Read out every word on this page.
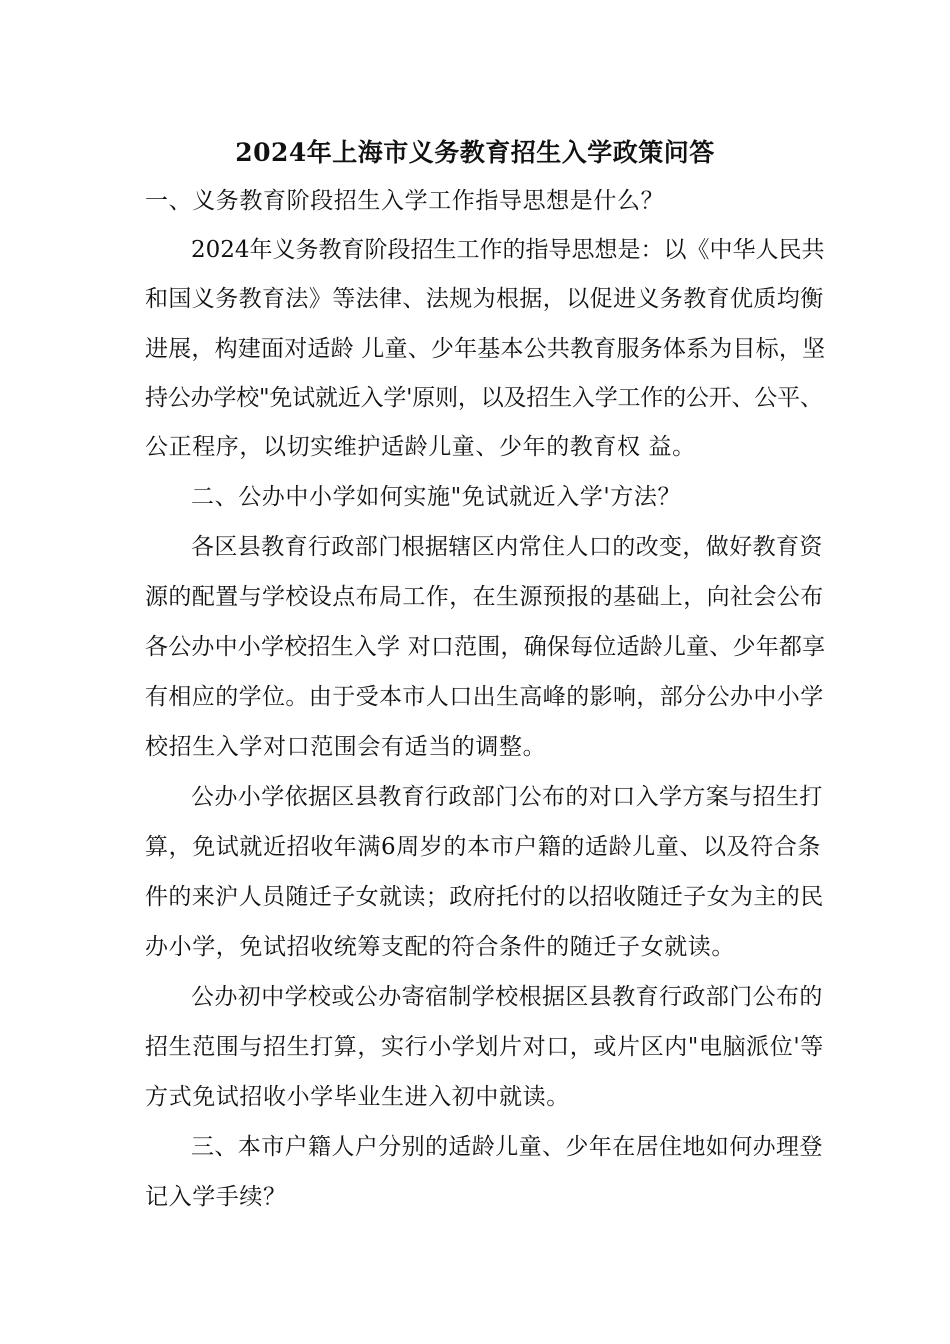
2024年上海市义务教育招生入学政策问答
一、义务教育阶段招生入学工作指导思想是什么？
2024年义务教育阶段招生工作的指导思想是：以《中华人民共
和国义务教育法》等法律、法规为根据，以促进义务教育优质均衡
进展，构建面对适龄 儿童、少年基本公共教育服务体系为目标，坚
持公办学校"免试就近入学'原则，以及招生入学工作的公开、公平、
公正程序，以切实维护适龄儿童、少年的教育权 益。
二、公办中小学如何实施"免试就近入学'方法？
各区县教育行政部门根据辖区内常住人口的改变，做好教育资
源的配置与学校设点布局工作，在生源预报的基础上，向社会公布
各公办中小学校招生入学 对口范围，确保每位适龄儿童、少年都享
有相应的学位。由于受本市人口出生高峰的影响，部分公办中小学
校招生入学对口范围会有适当的调整。
公办小学依据区县教育行政部门公布的对口入学方案与招生打
算，免试就近招收年满6周岁的本市户籍的适龄儿童、以及符合条
件的来沪人员随迁子女就读；政府托付的以招收随迁子女为主的民
办小学，免试招收统筹支配的符合条件的随迁子女就读。
公办初中学校或公办寄宿制学校根据区县教育行政部门公布的
招生范围与招生打算，实行小学划片对口，或片区内"电脑派位'等
方式免试招收小学毕业生进入初中就读。
三、本市户籍人户分别的适龄儿童、少年在居住地如何办理登
记入学手续？
